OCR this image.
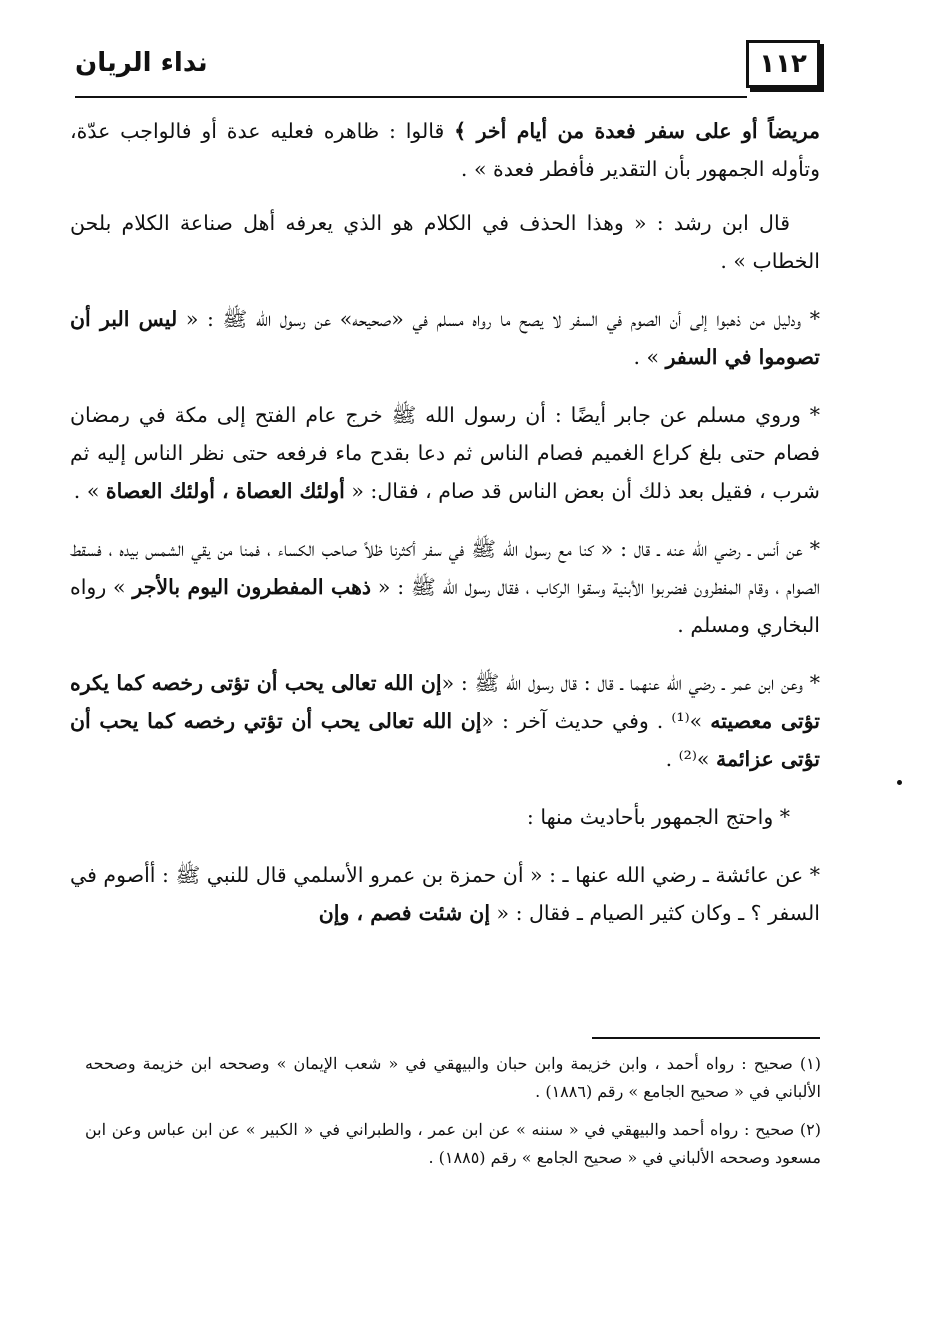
١١٢
نداء الريان

مريضاً أو على سفر فعدة من أيام أخر ﴾ قالوا : ظاهره فعليه عدة أو فالواجب عدّة، وتأوله الجمهور بأن التقدير فأفطر فعدة » .

قال ابن رشد : « وهذا الحذف في الكلام هو الذي يعرفه أهل صناعة الكلام بلحن الخطاب » .

* ودليل من ذهبوا إلى أن الصوم في السفر لا يصح ما رواه مسلم في «صحيحه» عن رسول الله ﷺ : « ليس البر أن تصوموا في السفر » .

* وروي مسلم عن جابر أيضًا : أن رسول الله ﷺ خرج عام الفتح إلى مكة في رمضان فصام حتى بلغ كراع الغميم فصام الناس ثم دعا بقدح ماء فرفعه حتى نظر الناس إليه ثم شرب ، فقيل بعد ذلك أن بعض الناس قد صام ، فقال: « أولئك العصاة ، أولئك العصاة » .

* عن أنس ـ رضي الله عنه ـ قال : « كنا مع رسول الله ﷺ في سفر أكثرنا ظلاً صاحب الكساء ، فمنا من يقي الشمس بيده ، فسقط الصوام ، وقام المفطرون فضربوا الأبنية وسقوا الركاب ، فقال رسول الله ﷺ : « ذهب المفطرون اليوم بالأجر » رواه البخاري ومسلم .

* وعن ابن عمر ـ رضي الله عنهما ـ قال : قال رسول الله ﷺ : «إن الله تعالى يحب أن تؤتى رخصه كما يكره تؤتى معصيته »⁽¹⁾ . وفي حديث آخر : «إن الله تعالى يحب أن تؤتي رخصه كما يحب أن تؤتى عزائمة »⁽²⁾ .

* واحتج الجمهور بأحاديث منها :

* عن عائشة ـ رضي الله عنها ـ : « أن حمزة بن عمرو الأسلمي قال للنبي ﷺ : أأصوم في السفر ؟ ـ وكان كثير الصيام ـ فقال : « إن شئت فصم ، وإن

(١) صحيح : رواه أحمد ، وابن خزيمة وابن حبان والبيهقي في « شعب الإيمان » وصححه ابن خزيمة وصححه الألباني في « صحيح الجامع » رقم (١٨٨٦) .

(٢) صحيح : رواه أحمد والبيهقي في « سننه » عن ابن عمر ، والطبراني في « الكبير » عن ابن عباس وعن ابن مسعود وصححه الألباني في « صحيح الجامع » رقم (١٨٨٥) .
